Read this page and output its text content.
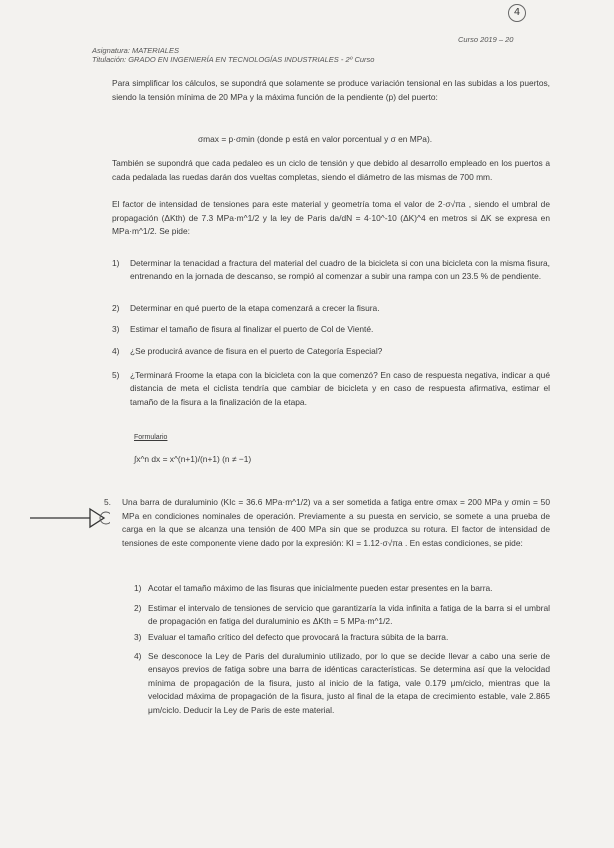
4
Asignatura: MATERIALES
Titulación: GRADO EN INGENIERÍA EN TECNOLOGÍAS INDUSTRIALES - 2º Curso
Curso 2019 – 20
Para simplificar los cálculos, se supondrá que solamente se produce variación tensional en las subidas a los puertos, siendo la tensión mínima de 20 MPa y la máxima función de la pendiente (p) del puerto:
σmax = p·σmin (donde p está en valor porcentual y σ en MPa).
También se supondrá que cada pedaleo es un ciclo de tensión y que debido al desarrollo empleado en los puertos a cada pedalada las ruedas darán dos vueltas completas, siendo el diámetro de las mismas de 700 mm.
El factor de intensidad de tensiones para este material y geometría toma el valor de 2·σ√πa , siendo el umbral de propagación (ΔKth) de 7.3 MPa·m^1/2 y la ley de Paris da/dN = 4·10^-10 (ΔK)^4 en metros si ΔK se expresa en MPa·m^1/2. Se pide:
1) Determinar la tenacidad a fractura del material del cuadro de la bicicleta si con una bicicleta con la misma fisura, entrenando en la jornada de descanso, se rompió al comenzar a subir una rampa con un 23.5 % de pendiente.
2) Determinar en qué puerto de la etapa comenzará a crecer la fisura.
3) Estimar el tamaño de fisura al finalizar el puerto de Col de Vienté.
4) ¿Se producirá avance de fisura en el puerto de Categoría Especial?
5) ¿Terminará Froome la etapa con la bicicleta con la que comenzó? En caso de respuesta negativa, indicar a qué distancia de meta el ciclista tendría que cambiar de bicicleta y en caso de respuesta afirmativa, estimar el tamaño de la fisura a la finalización de la etapa.
Formulario
∫x^n dx = x^(n+1)/(n+1) (n ≠ −1)
5. Una barra de duraluminio (KIc = 36.6 MPa·m^1/2) va a ser sometida a fatiga entre σmax = 200 MPa y σmin = 50 MPa en condiciones nominales de operación. Previamente a su puesta en servicio, se somete a una prueba de carga en la que se alcanza una tensión de 400 MPa sin que se produzca su rotura. El factor de intensidad de tensiones de este componente viene dado por la expresión: KI = 1.12·σ√πa . En estas condiciones, se pide:
1) Acotar el tamaño máximo de las fisuras que inicialmente pueden estar presentes en la barra.
2) Estimar el intervalo de tensiones de servicio que garantizaría la vida infinita a fatiga de la barra si el umbral de propagación en fatiga del duraluminio es ΔKth = 5 MPa·m^1/2.
3) Evaluar el tamaño crítico del defecto que provocará la fractura súbita de la barra.
4) Se desconoce la Ley de Paris del duraluminio utilizado, por lo que se decide llevar a cabo una serie de ensayos previos de fatiga sobre una barra de idénticas características. Se determina así que la velocidad mínima de propagación de la fisura, justo al inicio de la fatiga, vale 0.179 μm/ciclo, mientras que la velocidad máxima de propagación de la fisura, justo al final de la etapa de crecimiento estable, vale 2.865 μm/ciclo. Deducir la Ley de Paris de este material.
